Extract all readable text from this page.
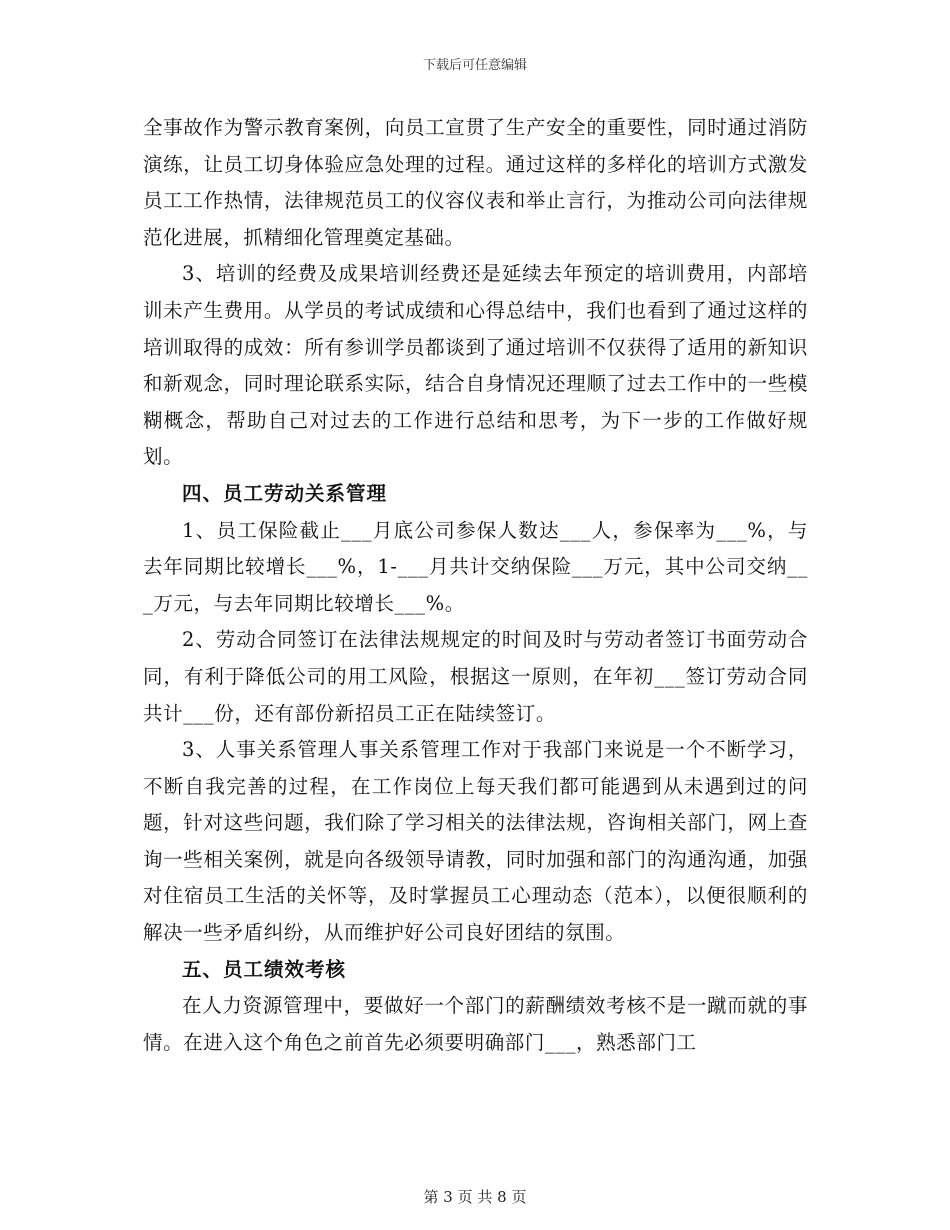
下载后可任意编辑

全事故作为警示教育案例，向员工宣贯了生产安全的重要性，同时通过消防演练，让员工切身体验应急处理的过程。通过这样的多样化的培训方式激发员工工作热情，法律规范员工的仪容仪表和举止言行，为推动公司向法律规范化进展，抓精细化管理奠定基础。

3、培训的经费及成果培训经费还是延续去年预定的培训费用，内部培训未产生费用。从学员的考试成绩和心得总结中，我们也看到了通过这样的培训取得的成效：所有参训学员都谈到了通过培训不仅获得了适用的新知识和新观念，同时理论联系实际，结合自身情况还理顺了过去工作中的一些模糊概念，帮助自己对过去的工作进行总结和思考，为下一步的工作做好规划。

四、员工劳动关系管理

1、员工保险截止___月底公司参保人数达___人，参保率为___%，与去年同期比较增长___%，1-___月共计交纳保险___万元，其中公司交纳___万元，与去年同期比较增长___%。

2、劳动合同签订在法律法规规定的时间及时与劳动者签订书面劳动合同，有利于降低公司的用工风险，根据这一原则，在年初___签订劳动合同共计___份，还有部份新招员工正在陆续签订。

3、人事关系管理人事关系管理工作对于我部门来说是一个不断学习，不断自我完善的过程，在工作岗位上每天我们都可能遇到从未遇到过的问题，针对这些问题，我们除了学习相关的法律法规，咨询相关部门，网上查询一些相关案例，就是向各级领导请教，同时加强和部门的沟通沟通，加强对住宿员工生活的关怀等，及时掌握员工心理动态（范本），以便很顺利的解决一些矛盾纠纷，从而维护好公司良好团结的氛围。

五、员工绩效考核

在人力资源管理中，要做好一个部门的薪酬绩效考核不是一蹴而就的事情。在进入这个角色之前首先必须要明确部门___，熟悉部门工

第 3 页 共 8 页
